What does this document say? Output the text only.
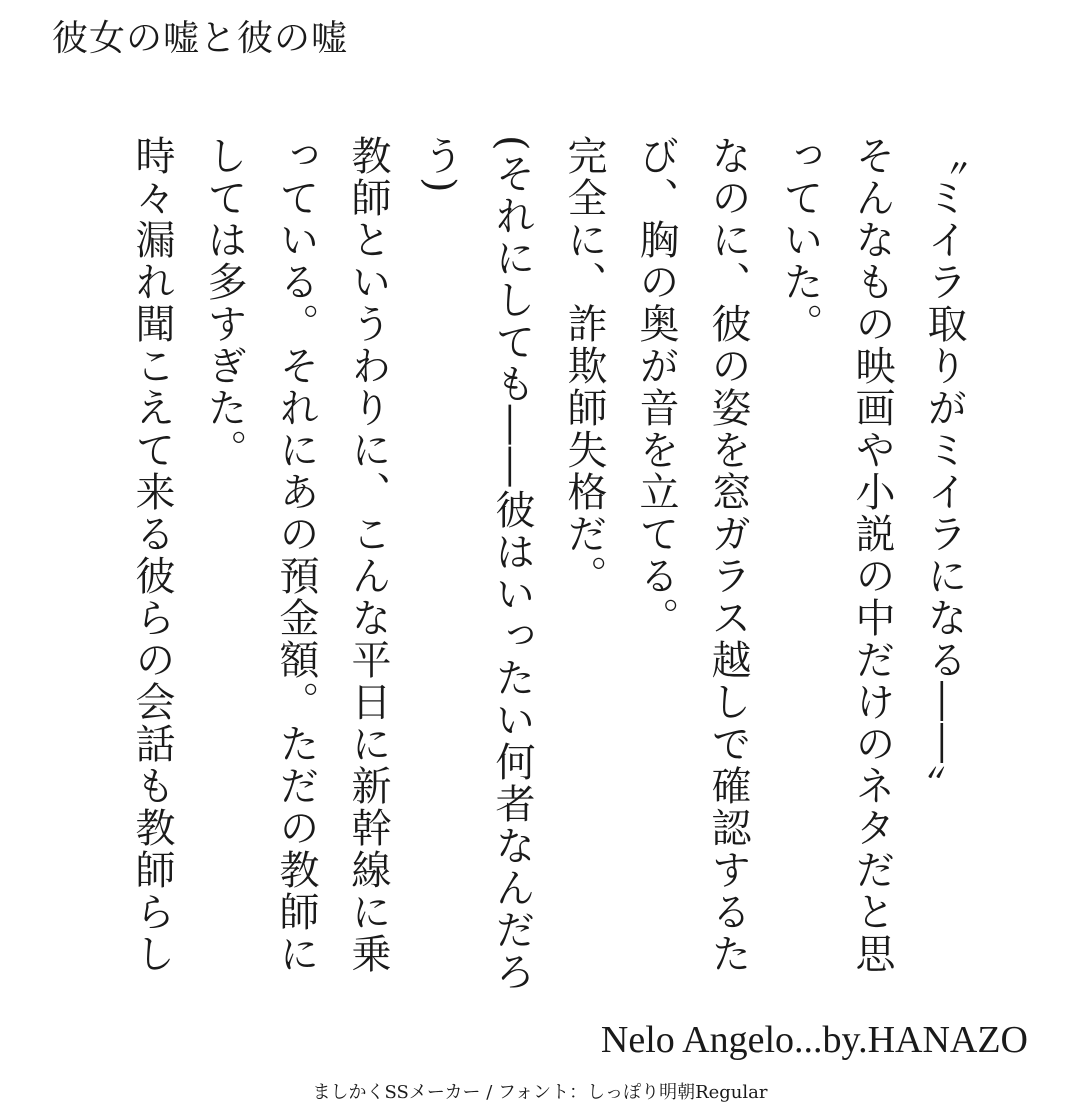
彼女の嘘と彼の嘘

〝ミイラ取りがミイラになる――〟

そんなもの映画や小説の中だけのネタだと思っていた。

なのに、彼の姿を窓ガラス越しで確認するたび、胸の奥が音を立てる。

完全に、詐欺師失格だ。

(それにしても――彼はいったい何者なんだろう)

教師というわりに、こんな平日に新幹線に乗っている。それにあの預金額。ただの教師にしては多すぎた。

時々漏れ聞こえて来る彼らの会話も教師らし

Nelo Angelo...by.HANAZO
ましかくSSメーカー / フォント：しっぽり明朝Regular
